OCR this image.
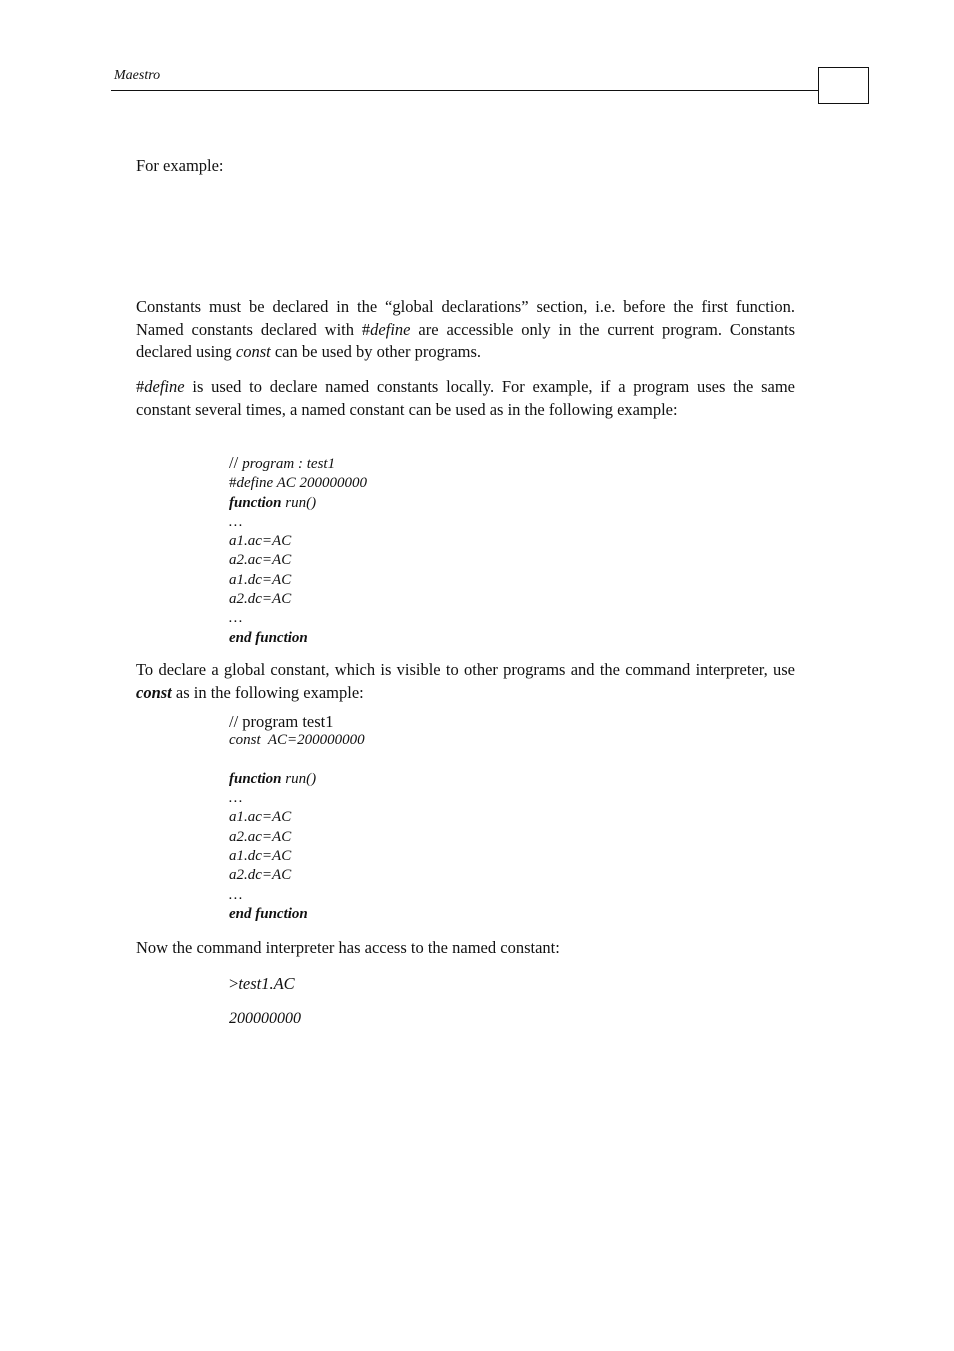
Maestro
For example:
Constants must be declared in the “global declarations” section, i.e. before the first function. Named constants declared with #define are accessible only in the current program. Constants declared using const can be used by other programs.
#define is used to declare named constants locally. For example, if a program uses the same constant several times, a named constant can be used as in the following example:
// program : test1
#define AC 200000000
function run()
…
a1.ac=AC
a2.ac=AC
a1.dc=AC
a2.dc=AC
…
end function
To declare a global constant, which is visible to other programs and the command interpreter, use const as in the following example:
// program test1
const  AC=200000000
function run()
…
a1.ac=AC
a2.ac=AC
a1.dc=AC
a2.dc=AC
…
end function
Now the command interpreter has access to the named constant:
>test1.AC
200000000
